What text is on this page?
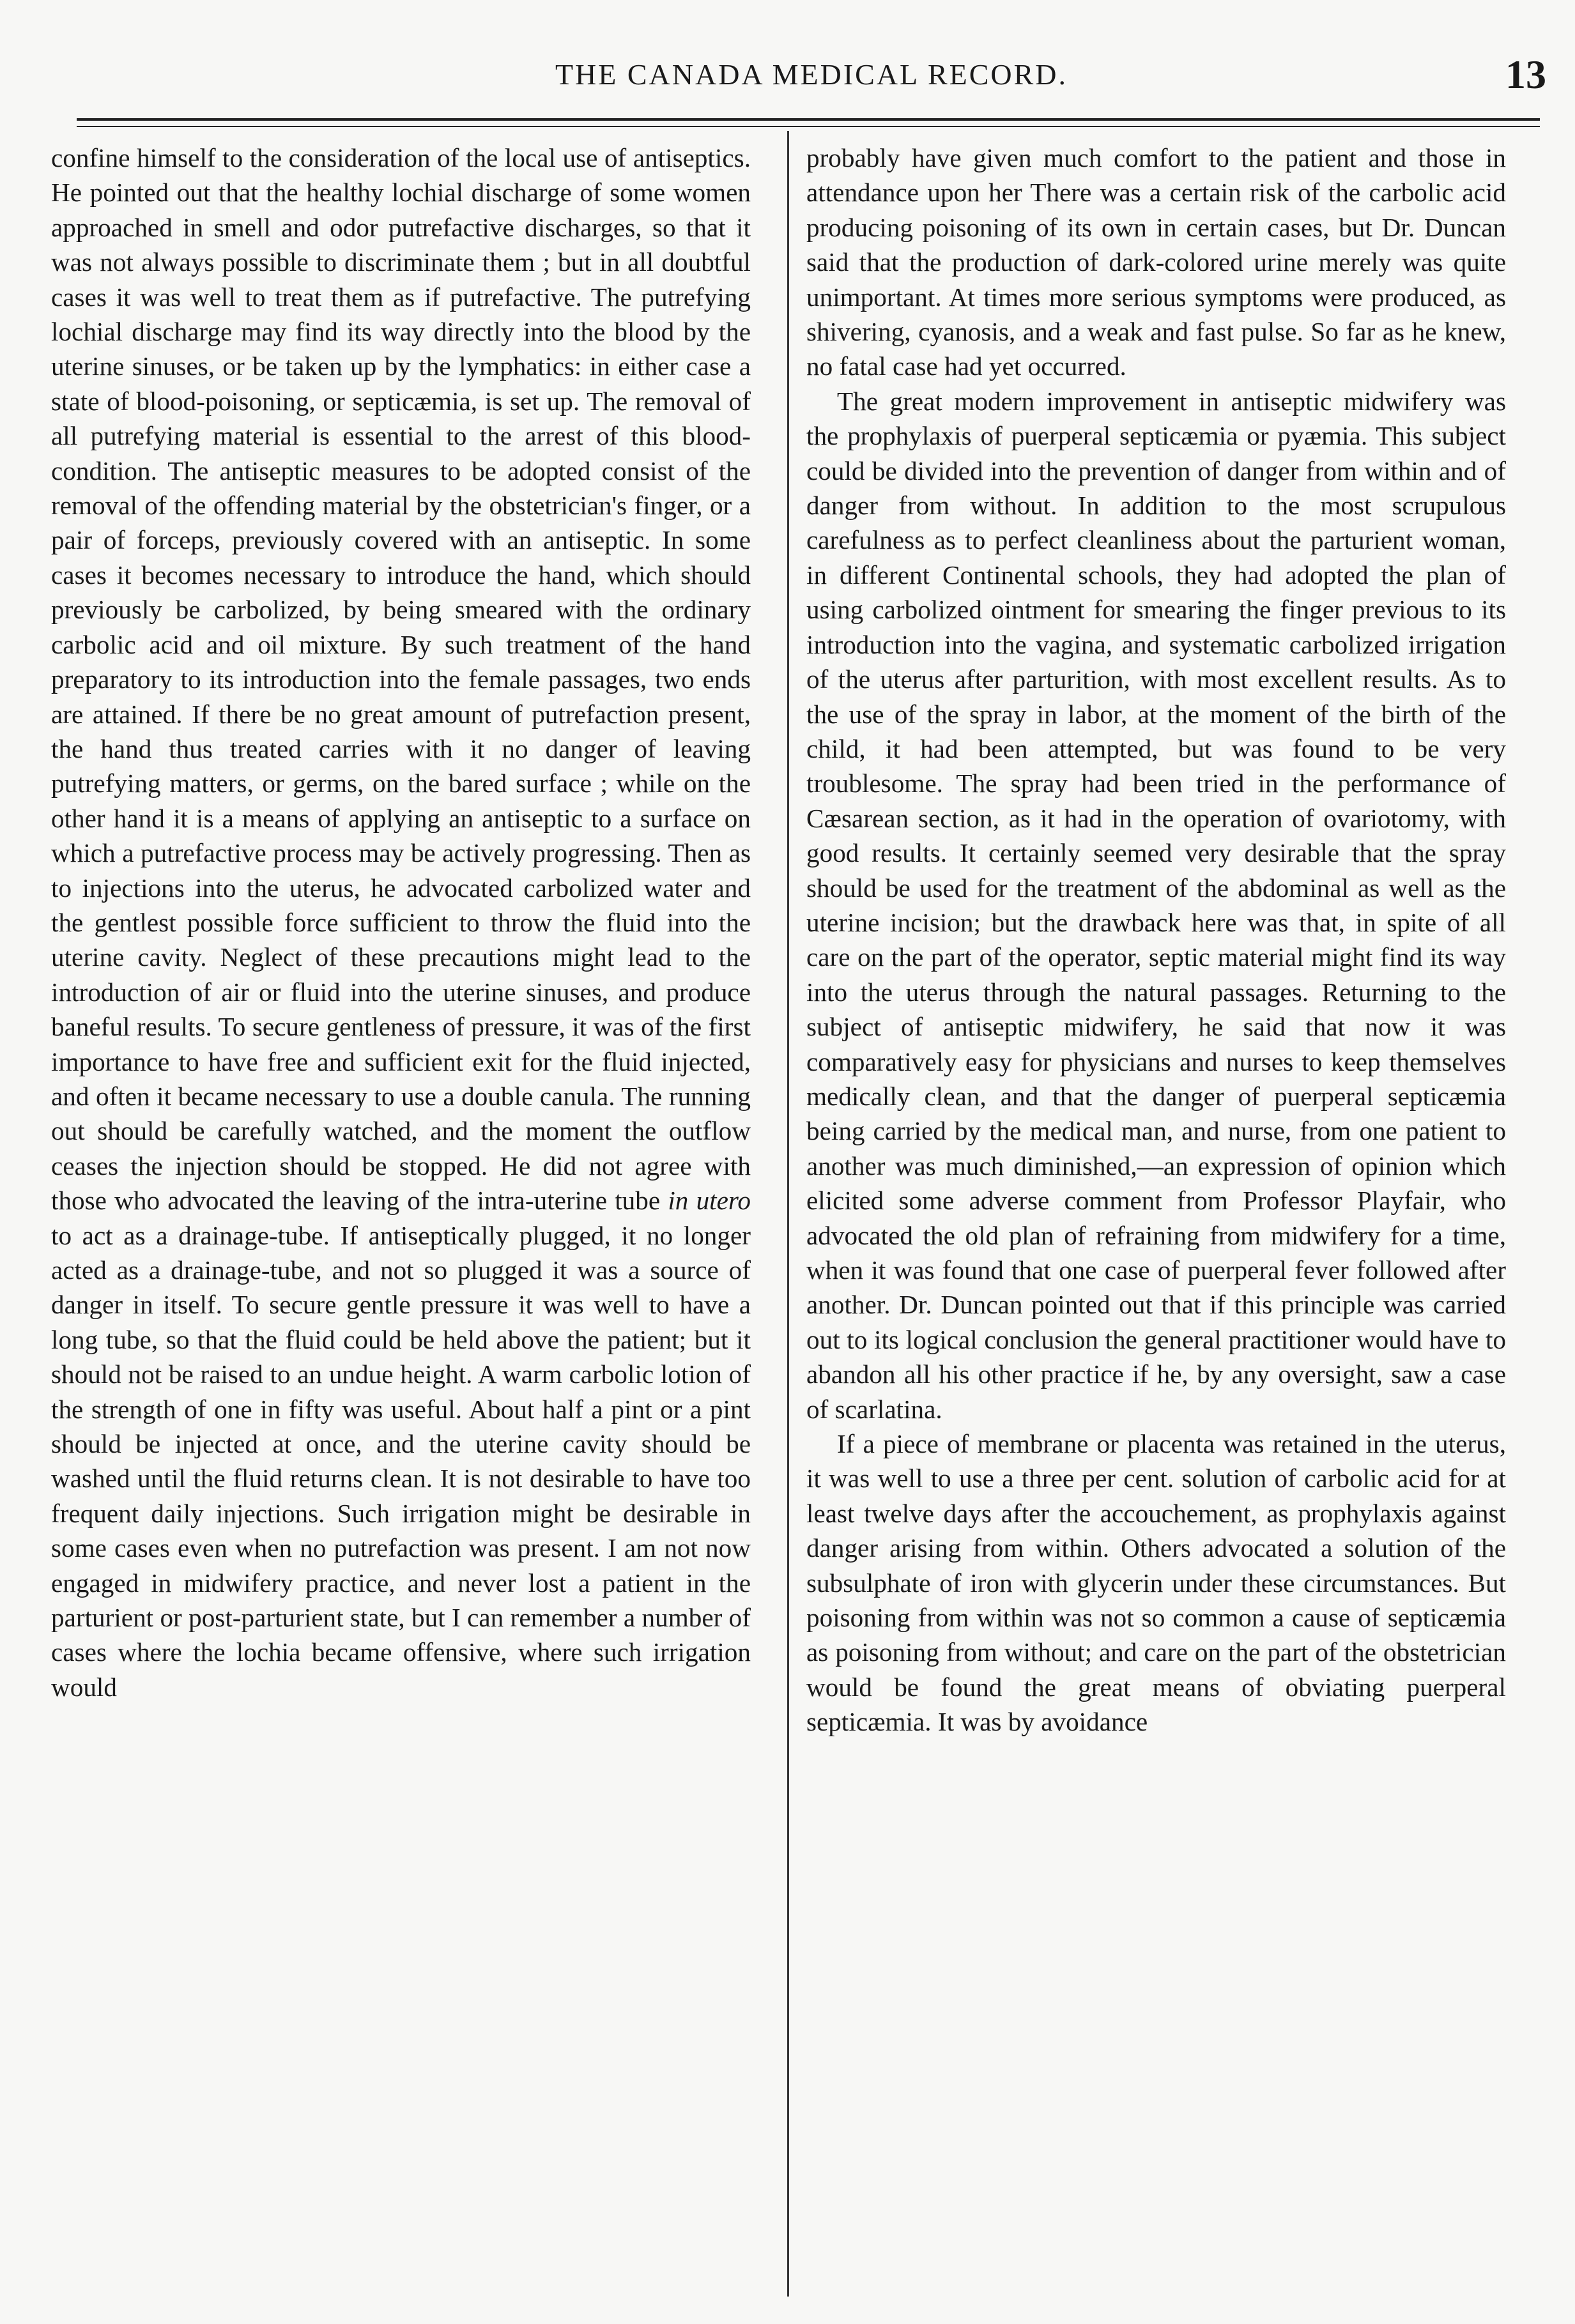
THE CANADA MEDICAL RECORD.	13

confine himself to the consideration of the local use of antiseptics. He pointed out that the healthy lochial discharge of some women approached in smell and odor putrefactive discharges, so that it was not always possible to discriminate them ; but in all doubtful cases it was well to treat them as if putrefactive. The putrefying lochial discharge may find its way directly into the blood by the uterine sinuses, or be taken up by the lymphatics: in either case a state of blood-poisoning, or septicæmia, is set up. The removal of all putrefying material is essential to the arrest of this blood-condition. The antiseptic measures to be adopted consist of the removal of the offending material by the obstetrician's finger, or a pair of forceps, previously covered with an antiseptic. In some cases it becomes necessary to introduce the hand, which should previously be carbolized, by being smeared with the ordinary carbolic acid and oil mixture. By such treatment of the hand preparatory to its introduction into the female passages, two ends are attained. If there be no great amount of putrefaction present, the hand thus treated carries with it no danger of leaving putrefying matters, or germs, on the bared surface ; while on the other hand it is a means of applying an antiseptic to a surface on which a putrefactive process may be actively progressing. Then as to injections into the uterus, he advocated carbolized water and the gentlest possible force sufficient to throw the fluid into the uterine cavity. Neglect of these precautions might lead to the introduction of air or fluid into the uterine sinuses, and produce baneful results. To secure gentleness of pressure, it was of the first importance to have free and sufficient exit for the fluid injected, and often it became necessary to use a double canula. The running out should be carefully watched, and the moment the outflow ceases the injection should be stopped. He did not agree with those who advocated the leaving of the intra-uterine tube in utero to act as a drainage-tube. If antiseptically plugged, it no longer acted as a drainage-tube, and not so plugged it was a source of danger in itself. To secure gentle pressure it was well to have a long tube, so that the fluid could be held above the patient; but it should not be raised to an undue height. A warm carbolic lotion of the strength of one in fifty was useful. About half a pint or a pint should be injected at once, and the uterine cavity should be washed until the fluid returns clean. It is not desirable to have too frequent daily injections. Such irrigation might be desirable in some cases even when no putrefaction was present. I am not now engaged in midwifery practice, and never lost a patient in the parturient or post-parturient state, but I can remember a number of cases where the lochia became offensive, where such irrigation would

probably have given much comfort to the patient and those in attendance upon her There was a certain risk of the carbolic acid producing poisoning of its own in certain cases, but Dr. Duncan said that the production of dark-colored urine merely was quite unimportant. At times more serious symptoms were produced, as shivering, cyanosis, and a weak and fast pulse. So far as he knew, no fatal case had yet occurred.

The great modern improvement in antiseptic midwifery was the prophylaxis of puerperal septicæmia or pyæmia. This subject could be divided into the prevention of danger from within and of danger from without. In addition to the most scrupulous carefulness as to perfect cleanliness about the parturient woman, in different Continental schools, they had adopted the plan of using carbolized ointment for smearing the finger previous to its introduction into the vagina, and systematic carbolized irrigation of the uterus after parturition, with most excellent results. As to the use of the spray in labor, at the moment of the birth of the child, it had been attempted, but was found to be very troublesome. The spray had been tried in the performance of Cæsarean section, as it had in the operation of ovariotomy, with good results. It certainly seemed very desirable that the spray should be used for the treatment of the abdominal as well as the uterine incision; but the drawback here was that, in spite of all care on the part of the operator, septic material might find its way into the uterus through the natural passages. Returning to the subject of antiseptic midwifery, he said that now it was comparatively easy for physicians and nurses to keep themselves medically clean, and that the danger of puerperal septicæmia being carried by the medical man, and nurse, from one patient to another was much diminished,—an expression of opinion which elicited some adverse comment from Professor Playfair, who advocated the old plan of refraining from midwifery for a time, when it was found that one case of puerperal fever followed after another. Dr. Duncan pointed out that if this principle was carried out to its logical conclusion the general practitioner would have to abandon all his other practice if he, by any oversight, saw a case of scarlatina.

If a piece of membrane or placenta was retained in the uterus, it was well to use a three per cent. solution of carbolic acid for at least twelve days after the accouchement, as prophylaxis against danger arising from within. Others advocated a solution of the subsulphate of iron with glycerin under these circumstances. But poisoning from within was not so common a cause of septicæmia as poisoning from without; and care on the part of the obstetrician would be found the great means of obviating puerperal septicæmia. It was by avoidance
